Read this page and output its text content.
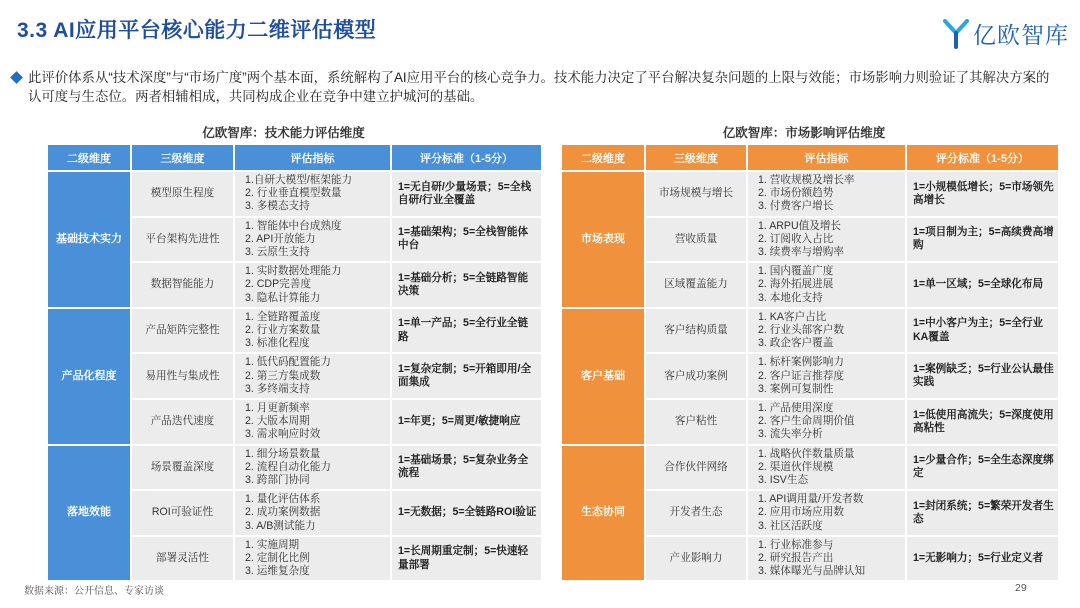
3.3 AI应用平台核心能力二维评估模型	亿欧智库
此评价体系从“技术深度”与“市场广度”两个基本面，系统解构了AI应用平台的核心竞争力。技术能力决定了平台解决复杂问题的上限与效能；市场影响力则验证了其解决方案的认可度与生态位。两者相辅相成，共同构成企业在竞争中建立护城河的基础。
亿欧智库：技术能力评估维度	亿欧智库：市场影响评估维度
二级维度	三级维度	评估指标	评分标准（1-5分）
基础技术实力	模型原生程度	1.自研大模型/框架能力
2. 行业垂直模型数量
3. 多模态支持	1=无自研/少量场景；5=全栈自研/行业全覆盖
	平台架构先进性	1. 智能体中台成熟度
2. API开放能力
3. 云原生支持	1=基础架构；5=全栈智能体中台
	数据智能能力	1. 实时数据处理能力
2. CDP完善度
3. 隐私计算能力	1=基础分析；5=全链路智能决策
产品化程度	产品矩阵完整性	1. 全链路覆盖度
2. 行业方案数量
3. 标准化程度	1=单一产品；5=全行业全链路
	易用性与集成性	1. 低代码配置能力
2. 第三方集成数
3. 多终端支持	1=复杂定制；5=开箱即用/全面集成
	产品迭代速度	1. 月更新频率
2. 大版本周期
3. 需求响应时效	1=年更；5=周更/敏捷响应
落地效能	场景覆盖深度	1. 细分场景数量
2. 流程自动化能力
3. 跨部门协同	1=基础场景；5=复杂业务全流程
	ROI可验证性	1. 量化评估体系
2. 成功案例数据
3. A/B测试能力	1=无数据；5=全链路ROI验证
	部署灵活性	1. 实施周期
2. 定制化比例
3. 运维复杂度	1=长周期重定制；5=快速轻量部署
二级维度	三级维度	评估指标	评分标准（1-5分）
市场表现	市场规模与增长	1. 营收规模及增长率
2. 市场份额趋势
3. 付费客户增长	1=小规模低增长；5=市场领先高增长
	营收质量	1. ARPU值及增长
2. 订阅收入占比
3. 续费率与增购率	1=项目制为主；5=高续费高增购
	区域覆盖能力	1. 国内覆盖广度
2. 海外拓展进展
3. 本地化支持	1=单一区域；5=全球化布局
客户基础	客户结构质量	1. KA客户占比
2. 行业头部客户数
3. 政企客户覆盖	1=中小客户为主；5=全行业KA覆盖
	客户成功案例	1. 标杆案例影响力
2. 客户证言推荐度
3. 案例可复制性	1=案例缺乏；5=行业公认最佳实践
	客户粘性	1. 产品使用深度
2. 客户生命周期价值
3. 流失率分析	1=低使用高流失；5=深度使用高粘性
生态协同	合作伙伴网络	1. 战略伙伴数量质量
2. 渠道伙伴规模
3. ISV生态	1=少量合作；5=全生态深度绑定
	开发者生态	1. API调用量/开发者数
2. 应用市场应用数
3. 社区活跃度	1=封闭系统；5=繁荣开发者生态
	产业影响力	1. 行业标准参与
2. 研究报告产出
3. 媒体曝光与品牌认知	1=无影响力；5=行业定义者
数据来源：公开信息、专家访谈	29
